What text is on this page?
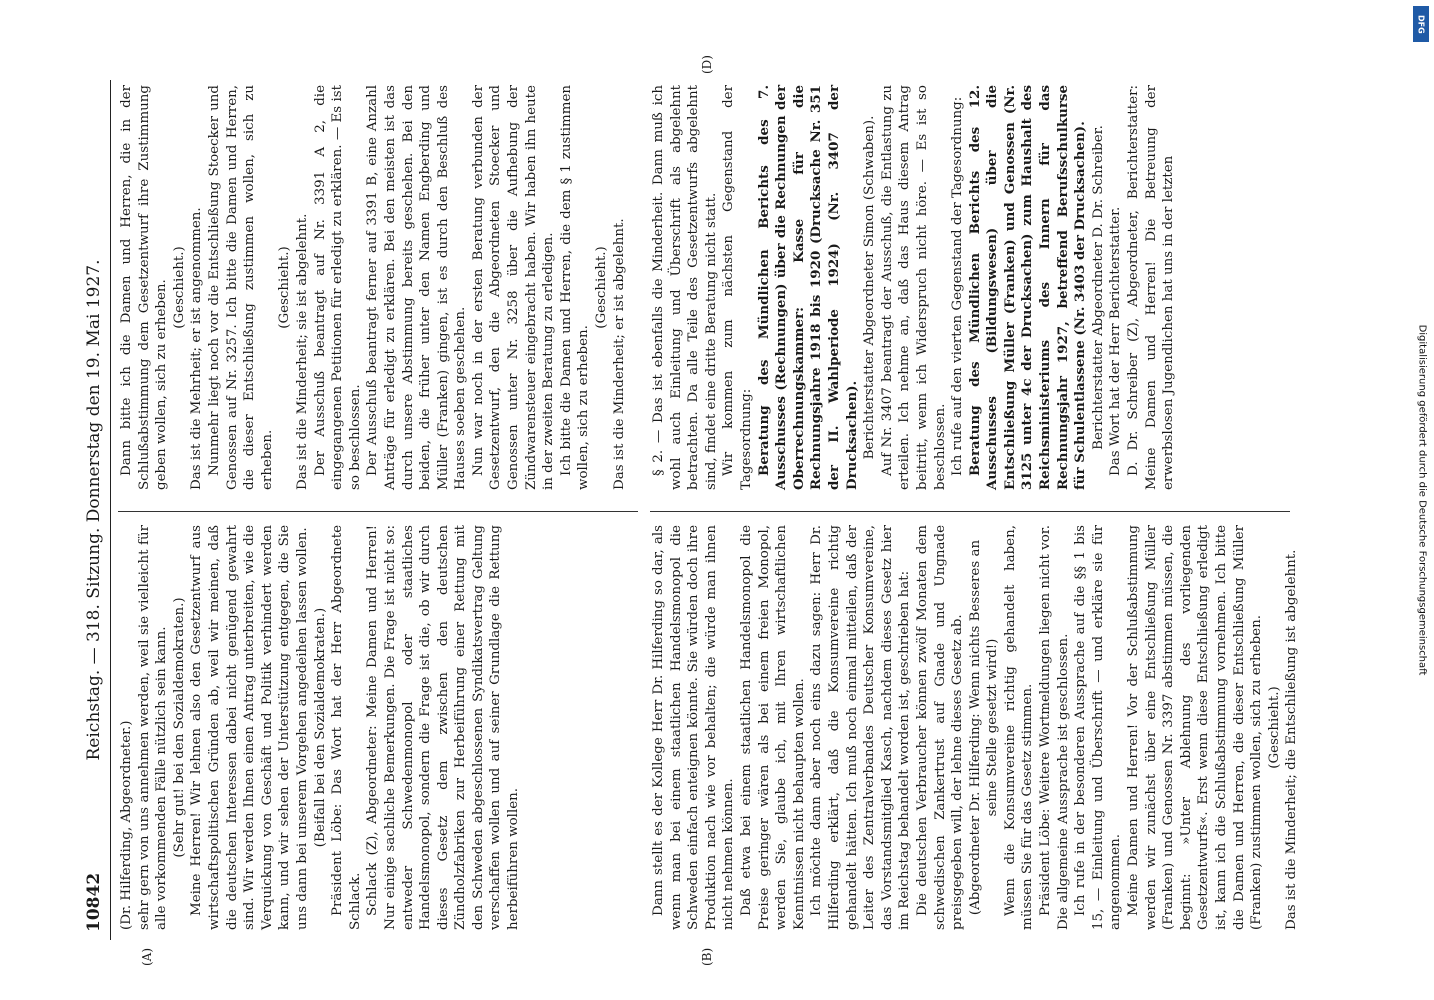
10842
Reichstag. — 318. Sitzung. Donnerstag den 19. Mai 1927.
(A)	(B)
(D)

(Dr. Hilferding, Abgeordneter.) sehr gern von uns annehmen werden, weil sie vielleicht für alle vorkommenden Fälle nützlich sein kann. (Sehr gut! bei den Sozialdemokraten.) Meine Herren! Wir lehnen also den Gesetzentwurf aus wirtschaftspolitischen Gründen ab, weil wir meinen, daß die deutschen Interessen dabei nicht genügend gewahrt sind. Wir werden Ihnen einen Antrag unterbreiten, wie die Verquickung von Geschäft und Politik verhindert werden kann, und wir sehen der Unterstützung entgegen, die Sie uns dann bei unserem Vorgehen angedeihen lassen wollen. (Beifall bei den Sozialdemokraten.) Präsident Löbe: Das Wort hat der Herr Abgeordnete Schlack. Schlack (Z), Abgeordneter: Meine Damen und Herren! Nur einige sachliche Bemerkungen. Die Frage ist nicht so: entweder Schwedenmonopol oder staatliches Handelsmonopol, sondern die Frage ist die, ob wir durch dieses Gesetz dem zwischen den deutschen Zündholzfabriken zur Herbeiführung einer Rettung mit den Schweden abgeschlossenen Syndikatsvertrag Geltung verschaffen wollen und auf seiner Grundlage die Rettung herbeiführen wollen.

Dann bitte ich die Damen und Herren, die in der Schlußabstimmung dem Gesetzentwurf ihre Zustimmung geben wollen, sich zu erheben. (Geschieht.) Das ist die Mehrheit; er ist angenommen. Nunmehr liegt noch vor die Entschließung Stoecker und Genossen auf Nr. 3257. Ich bitte die Damen und Herren, die dieser Entschließung zustimmen wollen, sich zu erheben.

(Geschieht.) Das ist die Minderheit; sie ist abgelehnt. Der Ausschuß beantragt auf Nr. 3391 A 2, die eingegangenen Petitionen für erledigt zu erklären. — Es ist so beschlossen. Der Ausschuß beantragt ferner auf 3391 B, eine Anzahl Anträge für erledigt zu erklären. Bei den meisten ist das durch unsere Abstimmung bereits geschehen. Bei den beiden, die früher unter den Namen Engberding und Müller (Franken) gingen, ist es durch den Beschluß des Hauses soeben geschehen. Nun war noch in der ersten Beratung verbunden der Gesetzentwurf, den die Abgeordneten Stoecker und Genossen unter Nr. 3258 über die Aufhebung der Zündwarensteuer eingebracht haben. Wir haben ihn heute in der zweiten Beratung zu erledigen. Ich bitte die Damen und Herren, die dem § 1 zustimmen wollen, sich zu erheben.

(Geschieht.) Das ist die Minderheit; er ist abgelehnt.

Dann stellt es der Kollege Herr Dr. Hilferding so dar, als wenn man bei einem staatlichen Handelsmonopol die Schweden einfach enteignen könnte. Sie würden doch ihre Produktion nach wie vor behalten; die würde man ihnen nicht nehmen können. Daß etwa bei einem staatlichen Handelsmonopol die Preise geringer wären als bei einem freien Monopol, werden Sie, glaube ich, mit Ihren wirtschaftlichen Kenntnissen nicht behaupten wollen. Ich möchte dann aber noch eins dazu sagen: Herr Dr. Hilferding erklärt, daß die Konsumvereine richtig gehandelt hätten. Ich muß noch einmal mitteilen, daß der Leiter des Zentralverbandes Deutscher Konsumvereine, das Vorstandsmitglied Kasch, nachdem dieses Gesetz hier im Reichstag behandelt worden ist, geschrieben hat: Die deutschen Verbraucher können zwölf Monaten dem schwedischen Zankertrust auf Gnade und Ungnade preisgegeben will, der lehne dieses Gesetz ab. (Abgeordneter Dr. Hilferding: Wenn nichts Besseres an seine Stelle gesetzt wird!) Wenn die Konsumvereine richtig gehandelt haben, müssen Sie für das Gesetz stimmen. Präsident Löbe: Weitere Wortmeldungen liegen nicht vor. Die allgemeine Aussprache ist geschlossen. Ich rufe in der besonderen Aussprache auf die §§ 1 bis 15, — Einleitung und Überschrift — und erkläre sie für angenommen. Meine Damen und Herren! Vor der Schlußabstimmung werden wir zunächst über eine Entschließung Müller (Franken) und Genossen Nr. 3397 abstimmen müssen, die beginnt: »Unter Ablehnung des vorliegenden Gesetzentwurfs«. Erst wenn diese Entschließung erledigt ist, kann ich die Schlußabstimmung vornehmen. Ich bitte die Damen und Herren, die dieser Entschließung Müller (Franken) zustimmen wollen, sich zu erheben. (Geschieht.) Das ist die Minderheit; die Entschließung ist abgelehnt.

§ 2. — Das ist ebenfalls die Minderheit. Dann muß ich wohl auch Einleitung und Überschrift als abgelehnt betrachten. Da alle Teile des Gesetzentwurfs abgelehnt sind, findet eine dritte Beratung nicht statt. Wir kommen zum nächsten Gegenstand der Tagesordnung: Beratung des Mündlichen Berichts des 7. Ausschusses (Rechnungen) über die Rechnungen der Oberrechnungskammer: Kasse für die Rechnungsjahre 1918 bis 1920 (Drucksache Nr. 351 der II. Wahlperiode 1924) (Nr. 3407 der Drucksachen). Berichterstatter Abgeordneter Simon (Schwaben). Auf Nr. 3407 beantragt der Ausschuß, die Entlastung zu erteilen. Ich nehme an, daß das Haus diesem Antrag beitritt, wenn ich Widerspruch nicht höre. — Es ist so beschlossen. Ich rufe auf den vierten Gegenstand der Tagesordnung: Beratung des Mündlichen Berichts des 12. Ausschusses (Bildungswesen) über die Entschließung Müller (Franken) und Genossen (Nr. 3125 unter 4c der Drucksachen) zum Haushalt des Reichsministeriums des Innern für das Rechnungsjahr 1927, betreffend Berufsschulkurse für Schulentlassene (Nr. 3403 der Drucksachen). Berichterstatter Abgeordneter D. Dr. Schreiber. Das Wort hat der Herr Berichterstatter. D. Dr. Schreiber (Z), Abgeordneter, Berichterstatter: Meine Damen und Herren! Die Betreuung der erwerbslosen Jugendlichen hat uns in der letzten

DFG
Digitalisierung gefördert durch die Deutsche Forschungsgemeinschaft
